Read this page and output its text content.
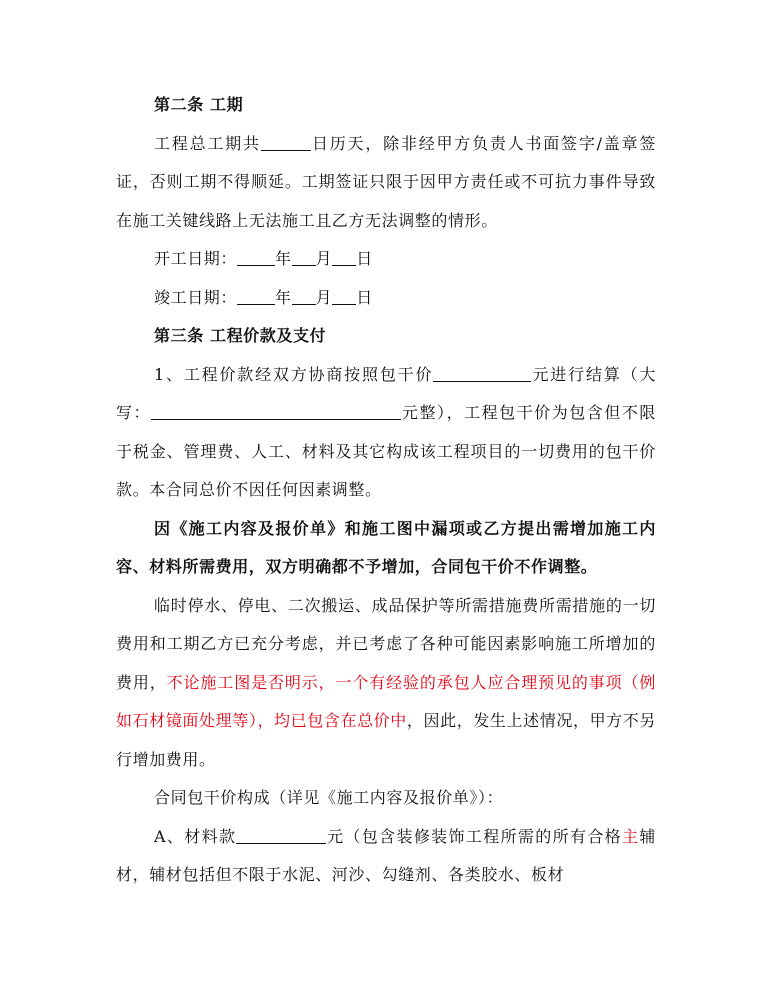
第二条 工期

工程总工期共	日历天，除非经甲方负责人书面签字/盖章签证，否则工期不得顺延。工期签证只限于因甲方责任或不可抗力事件导致在施工关键线路上无法施工且乙方无法调整的情形。

开工日期： 年 月 日

竣工日期： 年 月 日

第三条 工程价款及支付

1、工程价款经双方协商按照包干价	元进行结算（大写：	元整），工程包干价为包含但不限于税金、管理费、人工、材料及其它构成该工程项目的一切费用的包干价款。本合同总价不因任何因素调整。

因《施工内容及报价单》和施工图中漏项或乙方提出需增加施工内容、材料所需费用，双方明确都不予增加，合同包干价不作调整。

临时停水、停电、二次搬运、成品保护等所需措施费所需措施的一切费用和工期乙方已充分考虑，并已考虑了各种可能因素影响施工所增加的费用，不论施工图是否明示，一个有经验的承包人应合理预见的事项（例如石材镜面处理等），均已包含在总价中，因此，发生上述情况，甲方不另行增加费用。

合同包干价构成（详见《施工内容及报价单》）：

A、材料款	元（包含装修装饰工程所需的所有合格主辅材，辅材包括但不限于水泥、河沙、勾缝剂、各类胶水、板材
